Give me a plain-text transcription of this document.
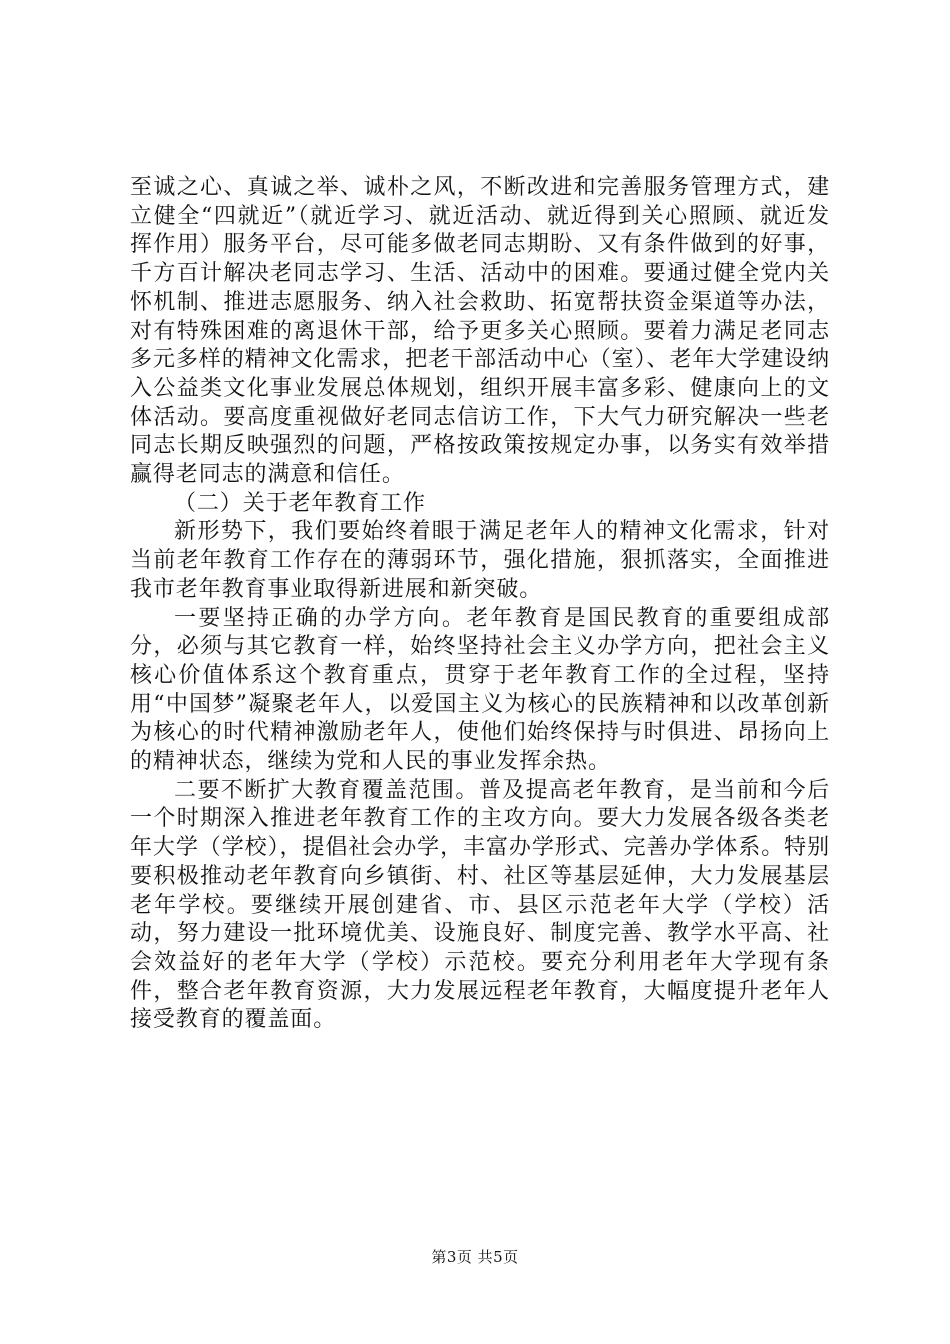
至诚之心、真诚之举、诚朴之风，不断改进和完善服务管理方式，建立健全“四就近”（就近学习、就近活动、就近得到关心照顾、就近发挥作用）服务平台，尽可能多做老同志期盼、又有条件做到的好事，千方百计解决老同志学习、生活、活动中的困难。要通过健全党内关怀机制、推进志愿服务、纳入社会救助、拓宽帮扶资金渠道等办法，对有特殊困难的离退休干部，给予更多关心照顾。要着力满足老同志多元多样的精神文化需求，把老干部活动中心（室）、老年大学建设纳入公益类文化事业发展总体规划，组织开展丰富多彩、健康向上的文体活动。要高度重视做好老同志信访工作，下大气力研究解决一些老同志长期反映强烈的问题，严格按政策按规定办事，以务实有效举措赢得老同志的满意和信任。

（二）关于老年教育工作

新形势下，我们要始终着眼于满足老年人的精神文化需求，针对当前老年教育工作存在的薄弱环节，强化措施，狠抓落实，全面推进我市老年教育事业取得新进展和新突破。

一要坚持正确的办学方向。老年教育是国民教育的重要组成部分，必须与其它教育一样，始终坚持社会主义办学方向，把社会主义核心价值体系这个教育重点，贯穿于老年教育工作的全过程，坚持用“中国梦”凝聚老年人，以爱国主义为核心的民族精神和以改革创新为核心的时代精神激励老年人，使他们始终保持与时俱进、昂扬向上的精神状态，继续为党和人民的事业发挥余热。

二要不断扩大教育覆盖范围。普及提高老年教育，是当前和今后一个时期深入推进老年教育工作的主攻方向。要大力发展各级各类老年大学（学校），提倡社会办学，丰富办学形式、完善办学体系。特别要积极推动老年教育向乡镇街、村、社区等基层延伸，大力发展基层老年学校。要继续开展创建省、市、县区示范老年大学（学校）活动，努力建设一批环境优美、设施良好、制度完善、教学水平高、社会效益好的老年大学（学校）示范校。要充分利用老年大学现有条件，整合老年教育资源，大力发展远程老年教育，大幅度提升老年人接受教育的覆盖面。

第3页 共5页
